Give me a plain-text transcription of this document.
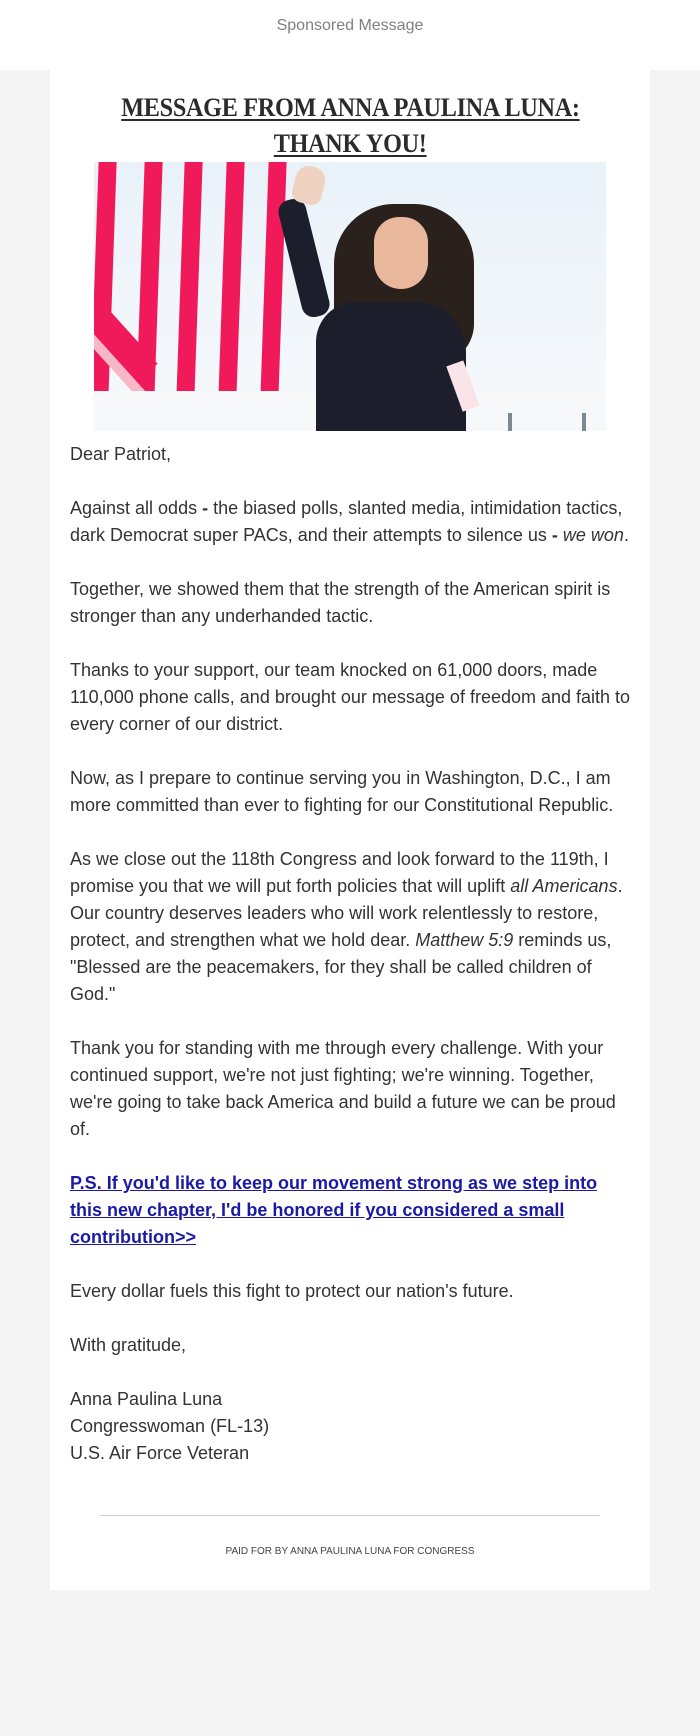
Sponsored Message
MESSAGE FROM ANNA PAULINA LUNA:
THANK YOU!

Dear Patriot,

Against all odds - the biased polls, slanted media, intimidation tactics, dark Democrat super PACs, and their attempts to silence us - we won.

Together, we showed them that the strength of the American spirit is stronger than any underhanded tactic.

Thanks to your support, our team knocked on 61,000 doors, made 110,000 phone calls, and brought our message of freedom and faith to every corner of our district.

Now, as I prepare to continue serving you in Washington, D.C., I am more committed than ever to fighting for our Constitutional Republic.

As we close out the 118th Congress and look forward to the 119th, I promise you that we will put forth policies that will uplift all Americans. Our country deserves leaders who will work relentlessly to restore, protect, and strengthen what we hold dear. Matthew 5:9 reminds us, "Blessed are the peacemakers, for they shall be called children of God."

Thank you for standing with me through every challenge. With your continued support, we're not just fighting; we're winning. Together, we're going to take back America and build a future we can be proud of.

P.S. If you'd like to keep our movement strong as we step into this new chapter, I'd be honored if you considered a small contribution>>

Every dollar fuels this fight to protect our nation's future.

With gratitude,

Anna Paulina Luna

Congresswoman (FL-13)

U.S. Air Force Veteran

PAID FOR BY ANNA PAULINA LUNA FOR CONGRESS
